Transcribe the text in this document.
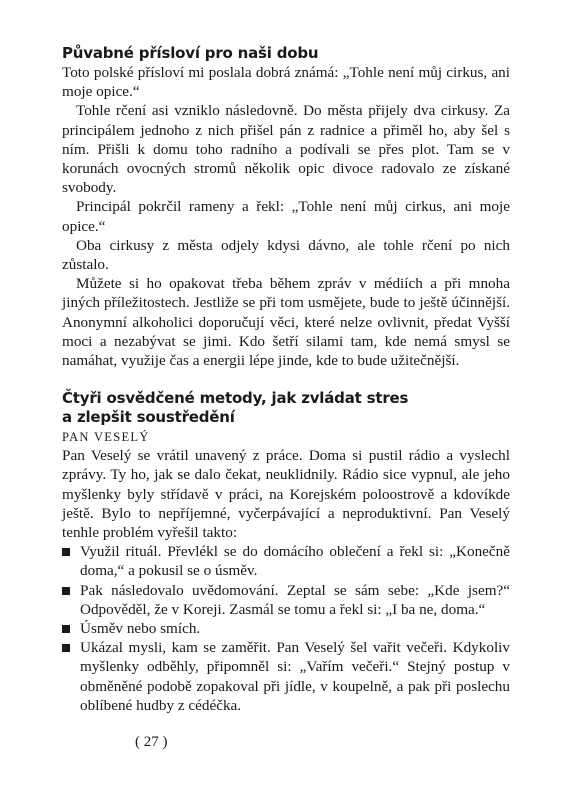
Půvabné přísloví pro naši dobu

Toto polské přísloví mi poslala dobrá známá: „Tohle není můj cirkus, ani moje opice.“

Tohle rčení asi vzniklo následovně. Do města přijely dva cirkusy. Za principálem jednoho z nich přišel pán z radnice a přiměl ho, aby šel s ním. Přišli k domu toho radního a podívali se přes plot. Tam se v korunách ovocných stromů několik opic divoce radovalo ze získané svobody.

Principál pokrčil rameny a řekl: „Tohle není můj cirkus, ani moje opice.“

Oba cirkusy z města odjely kdysi dávno, ale tohle rčení po nich zůstalo.

Můžete si ho opakovat třeba během zpráv v médiích a při mnoha jiných příležitostech. Jestliže se při tom usmějete, bude to ještě účinnější. Anonymní alkoholici doporučují věci, které nelze ovlivnit, předat Vyšší moci a nezabývat se jimi. Kdo šetří silami tam, kde nemá smysl se namáhat, využije čas a energii lépe jinde, kde to bude užitečnější.

Čtyři osvědčené metody, jak zvládat stres
a zlepšit soustředění

PAN VESELÝ

Pan Veselý se vrátil unavený z práce. Doma si pustil rádio a vyslechl zprávy. Ty ho, jak se dalo čekat, neuklidnily. Rádio sice vypnul, ale jeho myšlenky byly střídavě v práci, na Korejském poloostrově a kdovíkde ještě. Bylo to nepříjemné, vyčerpávající a neproduktivní. Pan Veselý tenhle problém vyřešil takto:

Využil rituál. Převlékl se do domácího oblečení a řekl si: „Konečně doma,“ a pokusil se o úsměv.
Pak následovalo uvědomování. Zeptal se sám sebe: „Kde jsem?“ Odpověděl, že v Koreji. Zasmál se tomu a řekl si: „I ba ne, doma.“
Úsměv nebo smích.
Ukázal mysli, kam se zaměřit. Pan Veselý šel vařit večeři. Kdykoliv myšlenky odběhly, připomněl si: „Vařím večeři.“ Stejný postup v obměněné podobě zopakoval při jídle, v koupelně, a pak při poslechu oblíbené hudby z cédéčka.
( 27 )
